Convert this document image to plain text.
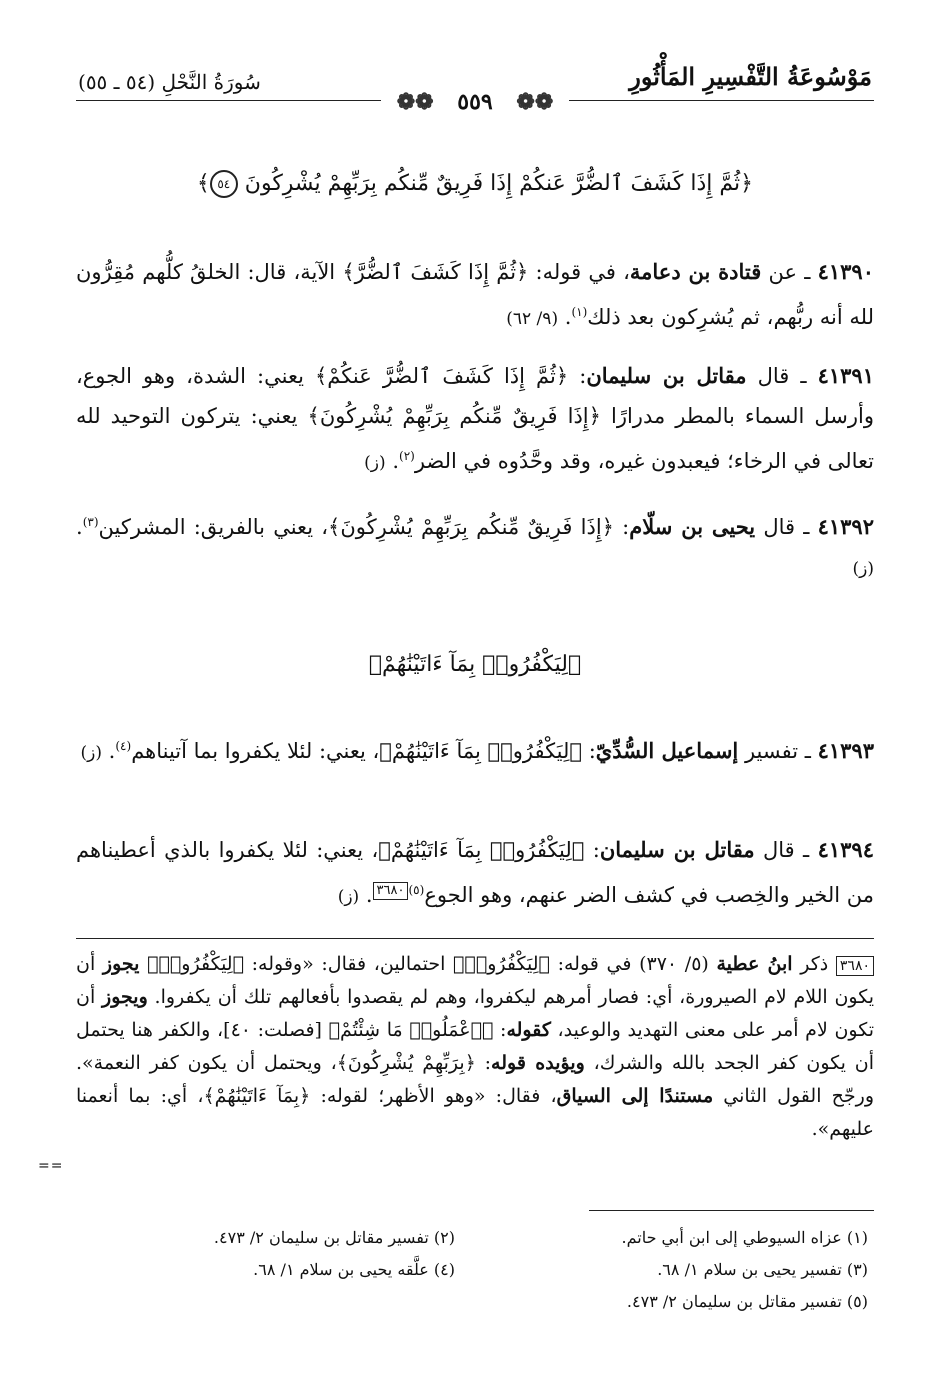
مَوْسُوعَةُ التَّفْسِيرِ المَأْثُورِ
سُورَةُ النَّحْلِ (٥٤ ـ ٥٥)
❁❁ ٥٥٩ ❁❁
﴿ثُمَّ إِذَا كَشَفَ ٱلضُّرَّ عَنكُمْ إِذَا فَرِيقٌ مِّنكُم بِرَبِّهِمْ يُشْرِكُونَ ٥٤﴾
٤١٣٩٠ ـ عن قتادة بن دعامة، في قوله: ﴿ثُمَّ إِذَا كَشَفَ ٱلضُّرَّ﴾ الآية، قال: الخلقُ كلُّهم مُقِرُّون لله أنه ربُّهم، ثم يُشرِكون بعد ذلك$^{(١)}$. (٩/ ٦٢)
٤١٣٩١ ـ قال مقاتل بن سليمان: ﴿ثُمَّ إِذَا كَشَفَ ٱلضُّرَّ عَنكُمْ﴾ يعني: الشدة، وهو الجوع، وأرسل السماء بالمطر مدرارًا ﴿إِذَا فَرِيقٌ مِّنكُم بِرَبِّهِمْ يُشْرِكُونَ﴾ يعني: يتركون التوحيد لله تعالى في الرخاء؛ فيعبدون غيره، وقد وحَّدُوه في الضر$^{(٢)}$. (ز)
٤١٣٩٢ ـ قال يحيى بن سلّام: ﴿إِذَا فَرِيقٌ مِّنكُم بِرَبِّهِمْ يُشْرِكُونَ﴾، يعني بالفريق: المشركين$^{(٣)}$. (ز)
﴿لِيَكْفُرُوا۟ بِمَآ ءَاتَيْنَٰهُمْ﴾
٤١٣٩٣ ـ تفسير إسماعيل السُّدِّيّ: ﴿لِيَكْفُرُوا۟ بِمَآ ءَاتَيْنَٰهُمْ﴾، يعني: لئلا يكفروا بما آتيناهم$^{(٤)}$. (ز)
٤١٣٩٤ ـ قال مقاتل بن سليمان: ﴿لِيَكْفُرُوا۟ بِمَآ ءَاتَيْنَٰهُمْ﴾، يعني: لئلا يكفروا بالذي أعطيناهم من الخير والخِصب في كشف الضر عنهم، وهو الجوع$^{(٥)}$٣٦٨٠. (ز)
٣٦٨٠ ذكر ابنُ عطية (٥/ ٣٧٠) في قوله: ﴿لِيَكْفُرُوا۟﴾ احتمالين، فقال: «وقوله: ﴿لِيَكْفُرُوا۟﴾ يجوز أن يكون اللام لام الصيرورة، أي: فصار أمرهم ليكفروا، وهم لم يقصدوا بأفعالهم تلك أن يكفروا. ويجوز أن تكون لام أمر على معنى التهديد والوعيد، كقوله: ﴿ٱعْمَلُوا۟ مَا شِئْتُمْ﴾ [فصلت: ٤٠]، والكفر هنا يحتمل أن يكون كفر الجحد بالله والشرك، ويؤيده قوله: ﴿بِرَبِّهِمْ يُشْرِكُونَ﴾، ويحتمل أن يكون كفر النعمة». ورجّح القول الثاني مستندًا إلى السياق، فقال: «وهو الأظهر؛ لقوله: ﴿بِمَآ ءَاتَيْنَٰهُمْ﴾، أي: بما أنعمنا عليهم».
==
(١) عزاه السيوطي إلى ابن أبي حاتم.
(٣) تفسير يحيى بن سلام ١/ ٦٨.
(٥) تفسير مقاتل بن سليمان ٢/ ٤٧٣.
(٢) تفسير مقاتل بن سليمان ٢/ ٤٧٣.
(٤) علَّقه يحيى بن سلام ١/ ٦٨.
